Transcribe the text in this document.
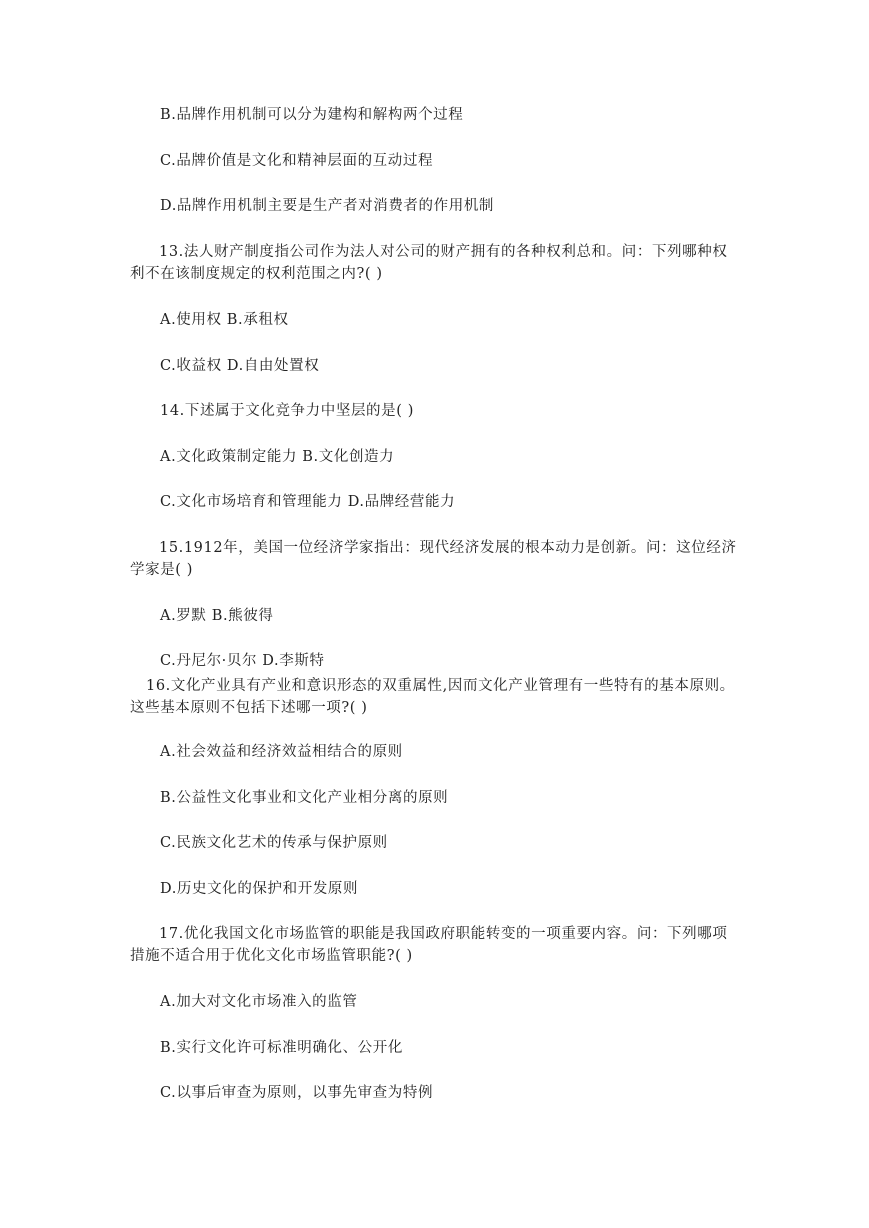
B.品牌作用机制可以分为建构和解构两个过程

C.品牌价值是文化和精神层面的互动过程

D.品牌作用机制主要是生产者对消费者的作用机制

13.法人财产制度指公司作为法人对公司的财产拥有的各种权利总和。问：下列哪种权
利不在该制度规定的权利范围之内?( )

A.使用权 B.承租权

C.收益权 D.自由处置权

14.下述属于文化竞争力中坚层的是( )

A.文化政策制定能力 B.文化创造力

C.文化市场培育和管理能力 D.品牌经营能力

15.1912年，美国一位经济学家指出：现代经济发展的根本动力是创新。问：这位经济
学家是( )

A.罗默 B.熊彼得

C.丹尼尔·贝尔 D.李斯特

16.文化产业具有产业和意识形态的双重属性,因而文化产业管理有一些特有的基本原则。
这些基本原则不包括下述哪一项?( )

A.社会效益和经济效益相结合的原则

B.公益性文化事业和文化产业相分离的原则

C.民族文化艺术的传承与保护原则

D.历史文化的保护和开发原则

17.优化我国文化市场监管的职能是我国政府职能转变的一项重要内容。问：下列哪项
措施不适合用于优化文化市场监管职能?( )

A.加大对文化市场准入的监管

B.实行文化许可标准明确化、公开化

C.以事后审查为原则，以事先审查为特例
